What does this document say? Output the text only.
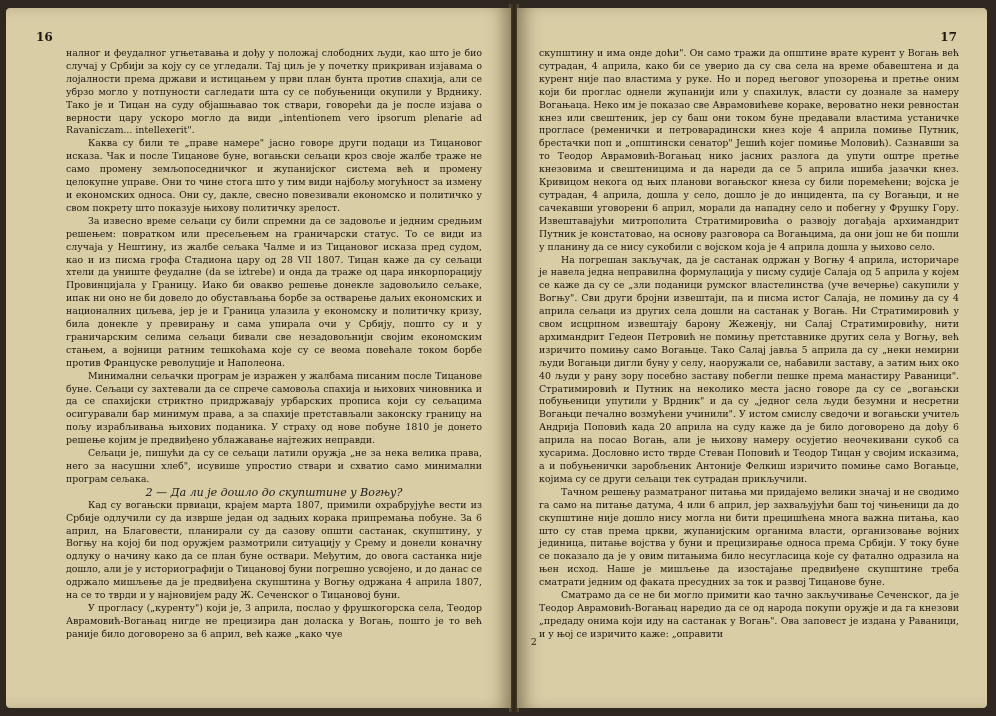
16

налног и феудалног угњетавања и дођу у положај слободних људи, као што је био случај у Србији за коју су се угледали. Тај циљ је у почетку прикриван изјавама о лојалности према држави и истицањем у први план бунта против спахија, али се убрзо могло у потпуности сагледати шта су се побуњеници окупили у Врднику. Тако је и Тицан на суду објашњавао ток ствари, говорећи да је после изјава о верности цару ускоро могло да види „intentionem vero ipsorum plenarie ad Ravaniczam... intellexerit".

Каква су били те „праве намере" јасно говоре други подаци из Тицановог исказа. Чак и после Тицанове буне, вогањски сељаци кроз своје жалбе траже не само промену земљопоседничког и жупанијског система већ и промену целокупне управе. Они то чине стога што у тим види најбољу могућност за измену и економских односа. Они су, дакле, свесно повезивали економско и политичко у свом покрету што показује њихову политичку зрелост.

За извесно време сељаци су били спремни да се задовоље и једним средњим решењем: повратком или пресељењем на граничарски статус. То се види из случаја у Нештину, из жалбе сељака Чалме и из Тицановог исказа пред судом, као и из писма грофа Стадиона цару од 28 VII 1807. Тицан каже да су сељаци хтели да униште феудалне (da se iztrebe) и онда да траже од цара инкорпорацију Провинцијала у Границу. Иако би овакво решење донекле задовољило сељаке, ипак ни оно не би довело до обустављања борбе за остварење даљих економских и националних циљева, јер је и Граница улазила у економску и политичку кризу, била донекле у превирању и сама упирала очи у Србију, пошто су и у граничарским селима сељаци бивали све незадовољнији својим економским стањем, а војници ратним тешкоћама које су се веома повећале током борбе против Француске револуције и Наполеона.

Минимални сељачки програм је изражен у жалбама писаним после Тицанове буне. Сељаци су захтевали да се спрече самовоља спахија и њихових чиновника и да се спахијски стриктно придржавају урбарских прописа који су сељацима осигуравали бар минимум права, а за спахије претстављали законску границу на пољу израбљивања њихових поданика. У страху од нове побуне 1810 је донето решење којим је предвиђено ублажавање најтежих неправди.

Сељаци је, пишући да су се сељаци латили оружја „не за нека велика права, него за насушни хлеб", исувише упростио ствари и схватио само минимални програм сељака.

2 — Да ли је дошло до скупштине у Вогњу?

Кад су вогањски првиаци, крајем марта 1807, примили охрабрујуће вести из Србије одлучили су да изврше један од задњих корака припремања побуне. За 6 април, на Благовести, планирали су да сазову општи састанак, скупштину, у Вогњу на којој би под оружјем размотрили ситуацију у Срему и донели коначну одлуку о начину како да се план буне оствари. Међутим, до овога састанка није дошло, али је у историографији о Тицановој буни погрешно усвојено, и до данас се одржало мишљење да је предвиђена скупштина у Вогњу одржана 4 априла 1807, на се то тврди и у најновијем раду Ж. Сеченског о Тицановој буни.

У прогласу („куренту") који је, 3 априла, послао у фрушкогорска села, Теодор Аврамовић-Вогањац нигде не прецизира дан доласка у Вогањ, пошто је то већ раније било договорено за 6 април, већ каже „како чуе

17

скупштину и има онде доћи". Он само тражи да општине врате курент у Вогањ већ сутрадан, 4 априла, како би се уверио да су сва села на време обавештена и да курент није пао властима у руке. Но и поред његовог упозорења и претње оним који би проглас однели жупанији или у спахилук, власти су дознале за намеру Вогањаца. Неко им је показао све Аврамовићеве кораке, вероватно неки ревностан кнез или свештеник, јер су баш они током буне предавали властима устаничке прогласе (ременички и петроварадински кнез које 4 априла помиње Путник, брестачки поп и „општински сенатор" Јешић којег помиње Моловић). Сазнавши за то Теодор Аврамовић-Вогањац нико јасних разлога да упути оштре претње кнезовима и свештеницима и да нареди да се 5 априла ишиба јазачки кнез. Кривицом некога од њих планови вогањског кнеза су били поремећени; војска је сутрадан, 4 априла, дошла у село, дошло је до инцидента, па су Вогањци, и не сачекавши уговорени 6 април, морали да нападну село и побегну у Фрушку Гору. Извештавајући митрополита Стратимировића о развоју догађаја архимандрит Путник је констатовао, на основу разговора са Вогањцима, да они још не би пошли у планину да се нису сукобили с војском која је 4 априла дошла у њихово село.

На погрешан закључак, да је састанак одржан у Вогњу 4 априла, историчаре је навела једна неправилна формулација у писму судије Салаја од 5 априла у којем се каже да су се „зли поданици румског властелинства (уче вечерње) сакупили у Вогњу". Сви други бројни извештаји, па и писма истог Салаја, не помињу да су 4 априла сељаци из других села дошли на састанак у Вогањ. Ни Стратимировић у свом исцрпном извештају барону Жеженју, ни Салај Стратимировићу, нити архимандрит Гедеон Петровић не помињу претставнике других села у Вогњу, већ изричито помињу само Вогањце. Тако Салај јавља 5 априла да су „неки немирни људи Вогањци дигли буну у селу, наоружали се, набавили заставу, а затим њих око 40 људи у рану зору посебно заставу побегли пешке према манастиру Раваници". Стратимировић и Путник на неколико места јасно говоре да су се „вогањски побуњеници упутили у Врдник" и да су „једног села људи безумни и несретни Вогањци печално возмућени учинили". У истом смислу сведочи и вогањски учитељ Андрија Поповић када 20 априла на суду каже да је било договорено да дођу 6 априла на посао Вогањ, али је њихову намеру осујетио неочекивани сукоб са хусарима. Дословно исто тврде Стеван Поповић и Теодор Тицан у својим исказима, а и побуњенички заробљеник Антоније Фелкиш изричито помиње само Вогањце, којима су се други сељаци тек сутрадан прикључили.

Тачном решењу разматраног питања ми придајемо велики значај и не сводимо га само на питање датума, 4 или 6 април, јер захваљујући баш тој чињеници да до скупштине није дошло нису могла ни бити прецишћена многа важна питања, као што су став према цркви, жупанијским органима власти, организовање војних јединица, питање војства у буни и прецизирање односа према Србији. У току буне се показало да је у овим питањима било несугласица које су фатално одразила на њен исход. Наше је мишљење да изостајање предвиђене скупштине треба сматрати једним од факата пресудних за ток и развој Тицанове буне.

Сматрамо да се не би могло примити као тачно закључивање Сеченског, да је Теодор Аврамовић-Вогањац наредио да се од народа покупи оружје и да га кнезови „предаду онима који иду на састанак у Вогањ". Ова заповест је издана у Раваници, и у њој се изричито каже: „оправити

2
